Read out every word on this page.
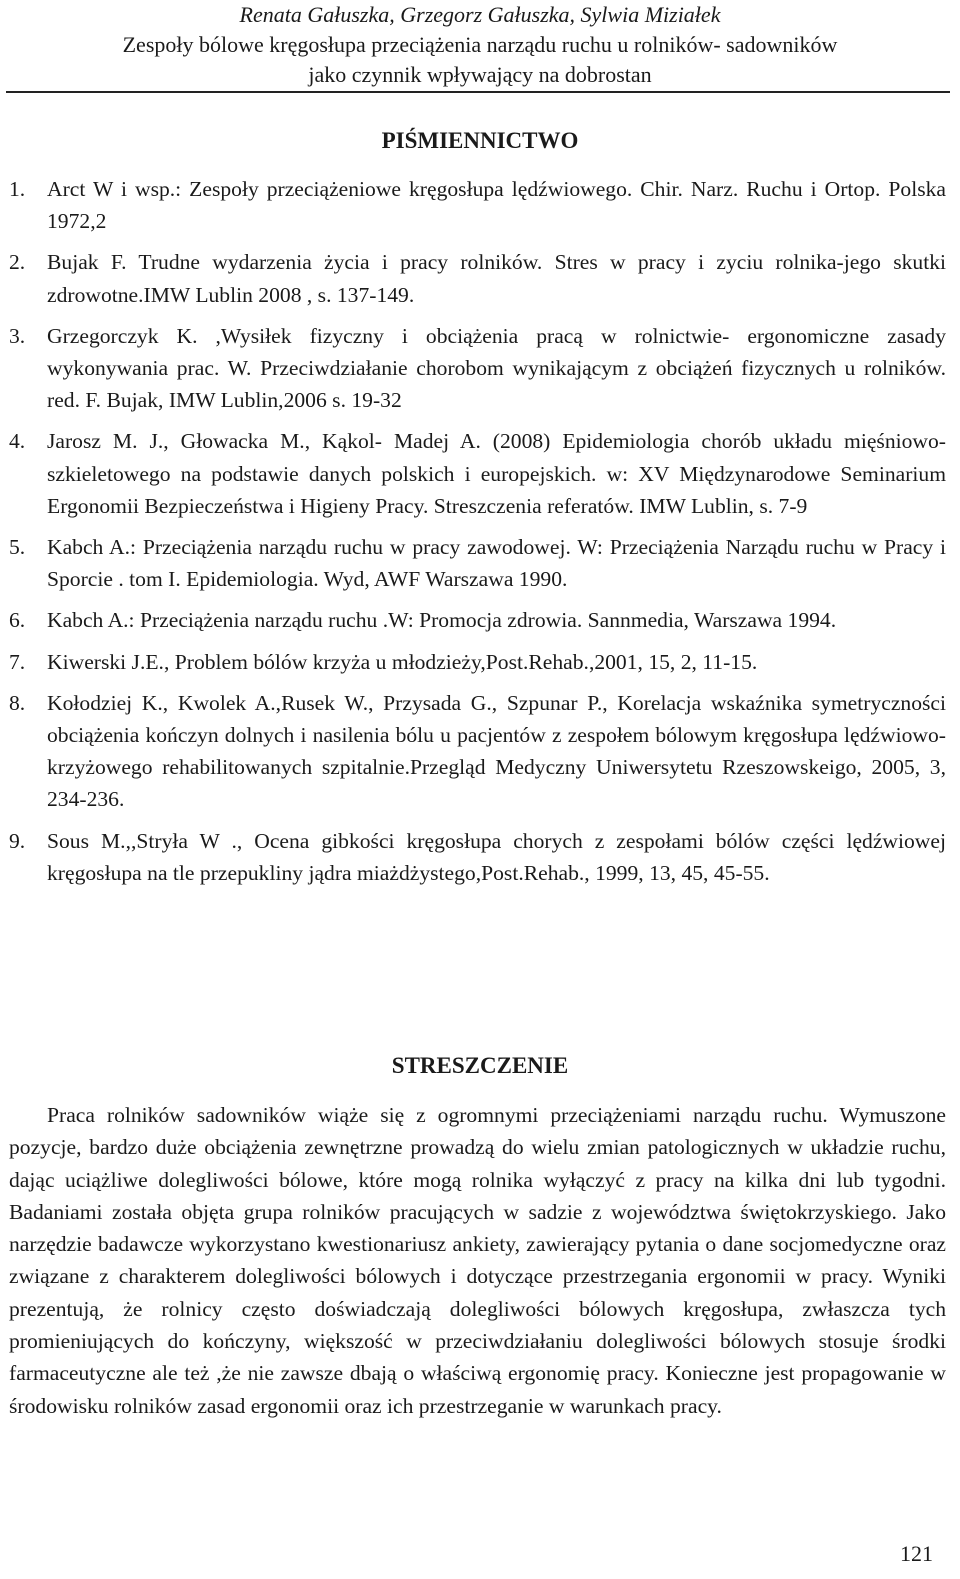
Renata Gałuszka, Grzegorz Gałuszka, Sylwia Miziałek
Zespoły bólowe kręgosłupa przeciążenia narządu ruchu u rolników- sadowników
jako czynnik wpływający na dobrostan
PIŚMIENNICTWO
1. Arct W i wsp.: Zespoły przeciążeniowe kręgosłupa lędźwiowego. Chir. Narz. Ruchu i Ortop. Polska 1972,2
2. Bujak F. Trudne wydarzenia życia i pracy rolników. Stres w pracy i zyciu rolnika-jego skutki zdrowotne.IMW Lublin 2008 , s. 137-149.
3. Grzegorczyk K. ,Wysiłek fizyczny i obciążenia pracą w rolnictwie- ergonomiczne zasady wykonywania prac. W. Przeciwdziałanie chorobom wynikającym z obciążeń fizycznych u rolników. red. F. Bujak, IMW Lublin,2006 s. 19-32
4. Jarosz M. J., Głowacka M., Kąkol- Madej A. (2008) Epidemiologia chorób układu mięśniowo-szkieletowego na podstawie danych polskich i europejskich. w: XV Międzynarodowe Seminarium Ergonomii Bezpieczeństwa i Higieny Pracy. Streszczenia referatów. IMW Lublin, s. 7-9
5. Kabch A.: Przeciążenia narządu ruchu w pracy zawodowej. W: Przeciążenia Narządu ruchu w Pracy i Sporcie . tom I. Epidemiologia. Wyd, AWF Warszawa 1990.
6. Kabch A.: Przeciążenia narządu ruchu .W: Promocja zdrowia. Sannmedia, Warszawa 1994.
7. Kiwerski J.E., Problem bólów krzyża u młodzieży,Post.Rehab.,2001, 15, 2, 11-15.
8. Kołodziej K., Kwolek A.,Rusek W., Przysada G., Szpunar P., Korelacja wskaźnika symetryczności obciążenia kończyn dolnych i nasilenia bólu u pacjentów z zespołem bólowym kręgosłupa lędźwiowo-krzyżowego rehabilitowanych szpitalnie.Przegląd Medyczny Uniwersytetu Rzeszowskeigo, 2005, 3, 234-236.
9. Sous M.,,Stryła W ., Ocena gibkości kręgosłupa chorych z zespołami bólów części lędźwiowej kręgosłupa na tle przepukliny jądra miażdżystego,Post.Rehab., 1999, 13, 45, 45-55.
STRESZCZENIE

Praca rolników sadowników wiąże się z ogromnymi przeciążeniami narządu ruchu. Wymuszone pozycje, bardzo duże obciążenia zewnętrzne prowadzą do wielu zmian patologicznych w układzie ruchu, dając uciążliwe dolegliwości bólowe, które mogą rolnika wyłączyć z pracy na kilka dni lub tygodni. Badaniami została objęta grupa rolników pracujących w sadzie z województwa świętokrzyskiego. Jako narzędzie badawcze wykorzystano kwestionariusz ankiety, zawierający pytania o dane socjomedyczne oraz związane z charakterem dolegliwości bólowych i dotyczące przestrzegania ergonomii w pracy. Wyniki prezentują, że rolnicy często doświadczają dolegliwości bólowych kręgosłupa, zwłaszcza tych promieniujących do kończyny, większość w przeciwdziałaniu dolegliwości bólowych stosuje środki farmaceutyczne ale też ,że nie zawsze dbają o właściwą ergonomię pracy. Konieczne jest propagowanie w środowisku rolników zasad ergonomii oraz ich przestrzeganie w warunkach pracy.

121
